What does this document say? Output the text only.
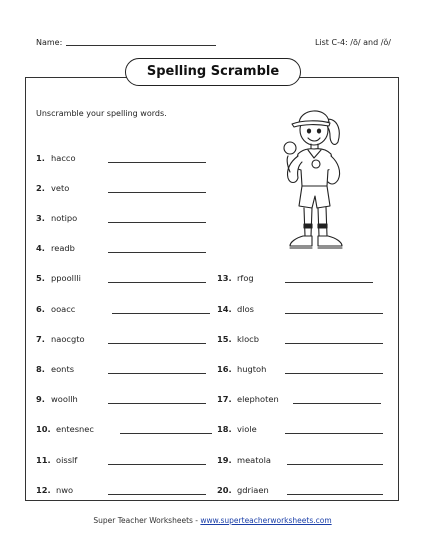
Name:	List C-4: /ō/ and /ŏ/
Spelling Scramble
Unscramble your spelling words.
1. hacco
2. veto
3. notipo
4. readb
5. ppoollli
6. ooacc
7. naocgto
8. eonts
9. woollh
10. entesnec
11. oisslf
12. nwo
13. rfog
14. dlos
15. klocb
16. hugtoh
17. elephoten
18. viole
19. meatola
20. gdriaen
Super Teacher Worksheets - www.superteacherworksheets.com
